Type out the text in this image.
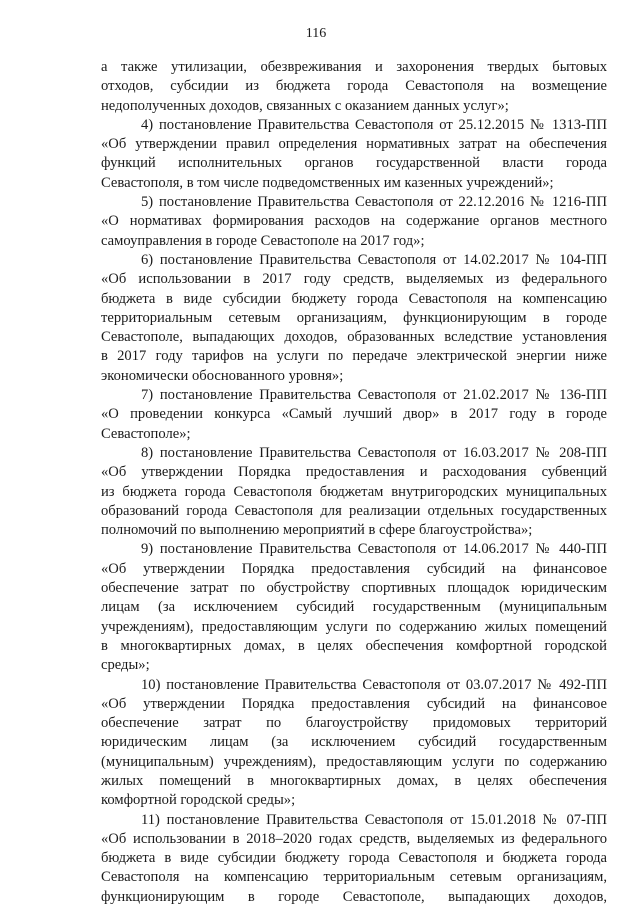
116
а также утилизации, обезвреживания и захоронения твердых бытовых
отходов, субсидии из бюджета города Севастополя на возмещение
недополученных доходов, связанных с оказанием данных услуг»;
4) постановление Правительства Севастополя от 25.12.2015 № 1313-ПП
«Об утверждении правил определения нормативных затрат на обеспечения
функций исполнительных органов государственной власти города
Севастополя, в том числе подведомственных им казенных учреждений»;
5) постановление Правительства Севастополя от 22.12.2016 № 1216-ПП
«О нормативах формирования расходов на содержание органов местного
самоуправления в городе Севастополе на 2017 год»;
6) постановление Правительства Севастополя от 14.02.2017 № 104-ПП
«Об использовании в 2017 году средств, выделяемых из федерального
бюджета в виде субсидии бюджету города Севастополя на компенсацию
территориальным сетевым организациям, функционирующим в городе
Севастополе, выпадающих доходов, образованных вследствие установления
в 2017 году тарифов на услуги по передаче электрической энергии ниже
экономически обоснованного уровня»;
7) постановление Правительства Севастополя от 21.02.2017 № 136-ПП
«О проведении конкурса «Самый лучший двор» в 2017 году в городе
Севастополе»;
8) постановление Правительства Севастополя от 16.03.2017 № 208-ПП
«Об утверждении Порядка предоставления и расходования субвенций
из бюджета города Севастополя бюджетам внутригородских муниципальных
образований города Севастополя для реализации отдельных государственных
полномочий по выполнению мероприятий в сфере благоустройства»;
9) постановление Правительства Севастополя от 14.06.2017 № 440-ПП
«Об утверждении Порядка предоставления субсидий на финансовое
обеспечение затрат по обустройству спортивных площадок юридическим
лицам (за исключением субсидий государственным (муниципальным
учреждениям), предоставляющим услуги по содержанию жилых помещений
в многоквартирных домах, в целях обеспечения комфортной городской
среды»;
10) постановление Правительства Севастополя от 03.07.2017 № 492-ПП
«Об утверждении Порядка предоставления субсидий на финансовое
обеспечение затрат по благоустройству придомовых территорий
юридическим лицам (за исключением субсидий государственным
(муниципальным) учреждениям), предоставляющим услуги по содержанию
жилых помещений в многоквартирных домах, в целях обеспечения
комфортной городской среды»;
11) постановление Правительства Севастополя от 15.01.2018 № 07-ПП
«Об использовании в 2018–2020 годах средств, выделяемых из федерального
бюджета в виде субсидии бюджету города Севастополя и бюджета города
Севастополя на компенсацию территориальным сетевым организациям,
функционирующим в городе Севастополе, выпадающих доходов,
